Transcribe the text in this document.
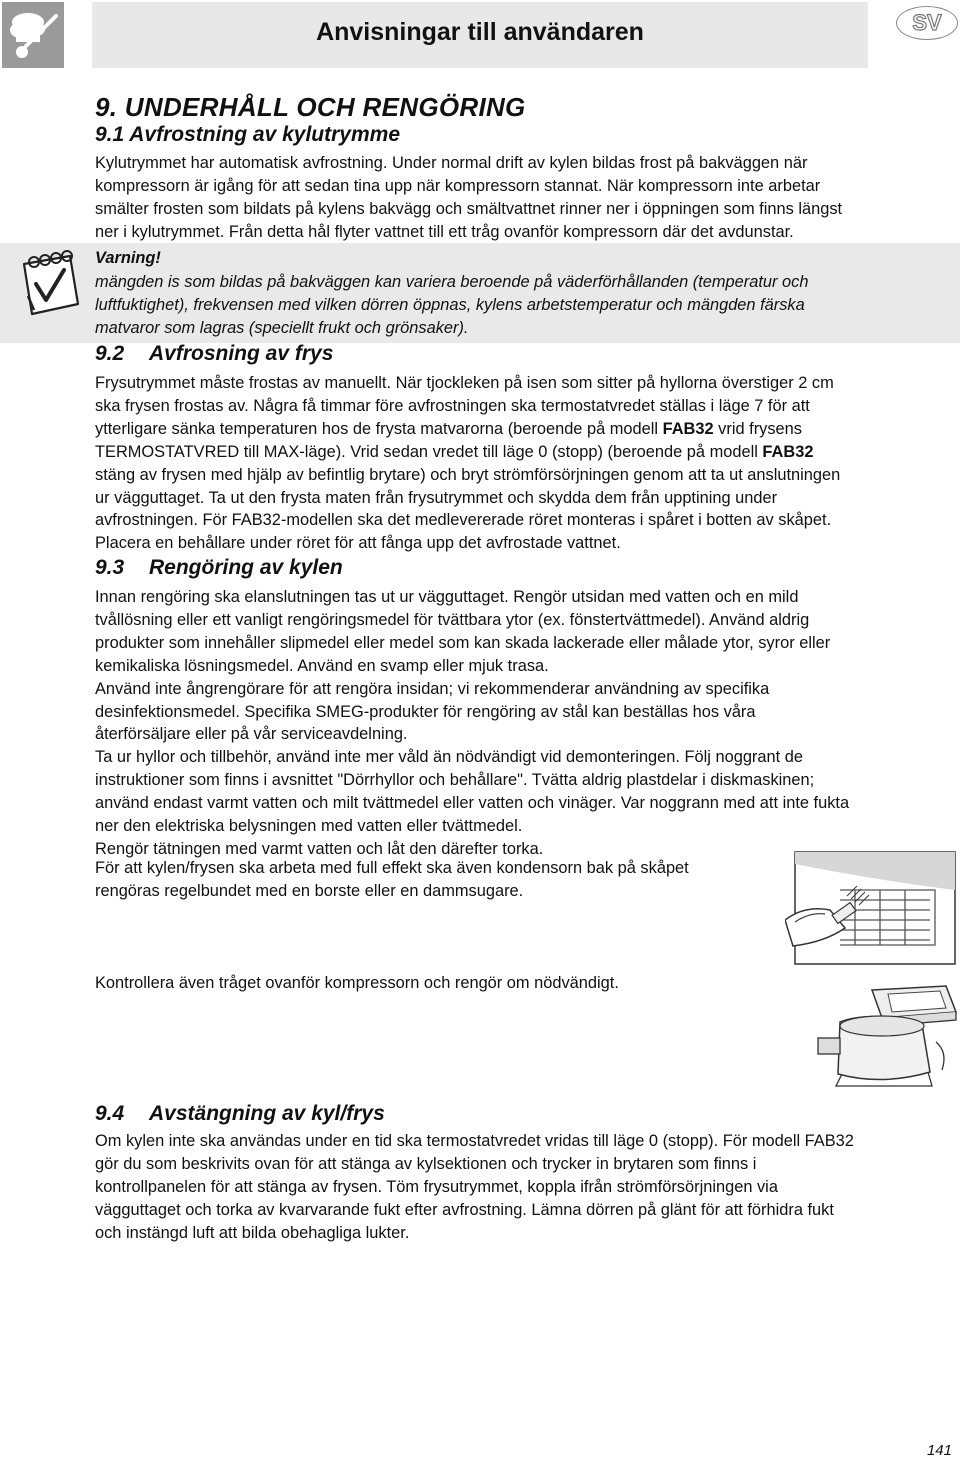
Anvisningar till användaren	SV
9. UNDERHÅLL OCH RENGÖRING
9.1 Avfrostning av kylutrymme
Kylutrymmet har automatisk avfrostning. Under normal drift av kylen bildas frost på bakväggen när
kompressorn är igång för att sedan tina upp när kompressorn stannat. När kompressorn inte arbetar
smälter frosten som bildats på kylens bakvägg och smältvattnet rinner ner i öppningen som finns längst
ner i kylutrymmet. Från detta hål flyter vattnet till ett tråg ovanför kompressorn där det avdunstar.
Varning!
mängden is som bildas på bakväggen kan variera beroende på väderförhållanden (temperatur och
luftfuktighet), frekvensen med vilken dörren öppnas, kylens arbetstemperatur och mängden färska
matvaror som lagras (speciellt frukt och grönsaker).
9.2 Avfrosning av frys
Frysutrymmet måste frostas av manuellt. När tjockleken på isen som sitter på hyllorna överstiger 2 cm
ska frysen frostas av. Några få timmar före avfrostningen ska termostatvredet ställas i läge 7 för att
ytterligare sänka temperaturen hos de frysta matvarorna (beroende på modell FAB32 vrid frysens
TERMOSTATVRED till MAX-läge). Vrid sedan vredet till läge 0 (stopp) (beroende på modell FAB32
stäng av frysen med hjälp av befintlig brytare) och bryt strömförsörjningen genom att ta ut anslutningen
ur vägguttaget. Ta ut den frysta maten från frysutrymmet och skydda dem från upptining under
avfrostningen. För FAB32-modellen ska det medlevererade röret monteras i spåret i botten av skåpet.
Placera en behållare under röret för att fånga upp det avfrostade vattnet.
9.3 Rengöring av kylen
Innan rengöring ska elanslutningen tas ut ur vägguttaget. Rengör utsidan med vatten och en mild
tvållösning eller ett vanligt rengöringsmedel för tvättbara ytor (ex. fönstertvättmedel). Använd aldrig
produkter som innehåller slipmedel eller medel som kan skada lackerade eller målade ytor, syror eller
kemikaliska lösningsmedel. Använd en svamp eller mjuk trasa.
Använd inte ångrengörare för att rengöra insidan; vi rekommenderar användning av specifika
desinfektionsmedel. Specifika SMEG-produkter för rengöring av stål kan beställas hos våra
återförsäljare eller på vår serviceavdelning.
Ta ur hyllor och tillbehör, använd inte mer våld än nödvändigt vid demonteringen. Följ noggrant de
instruktioner som finns i avsnittet "Dörrhyllor och behållare". Tvätta aldrig plastdelar i diskmaskinen;
använd endast varmt vatten och milt tvättmedel eller vatten och vinäger. Var noggrann med att inte fukta
ner den elektriska belysningen med vatten eller tvättmedel.
Rengör tätningen med varmt vatten och låt den därefter torka.
För att kylen/frysen ska arbeta med full effekt ska även kondensorn bak på skåpet
rengöras regelbundet med en borste eller en dammsugare.
Kontrollera även tråget ovanför kompressorn och rengör om nödvändigt.
9.4 Avstängning av kyl/frys
Om kylen inte ska användas under en tid ska termostatvredet vridas till läge 0 (stopp). För modell FAB32
gör du som beskrivits ovan för att stänga av kylsektionen och trycker in brytaren som finns i
kontrollpanelen för att stänga av frysen. Töm frysutrymmet, koppla ifrån strömförsörjningen via
vägguttaget och torka av kvarvarande fukt efter avfrostning. Lämna dörren på glänt för att förhidra fukt
och instängd luft att bilda obehagliga lukter.
141
